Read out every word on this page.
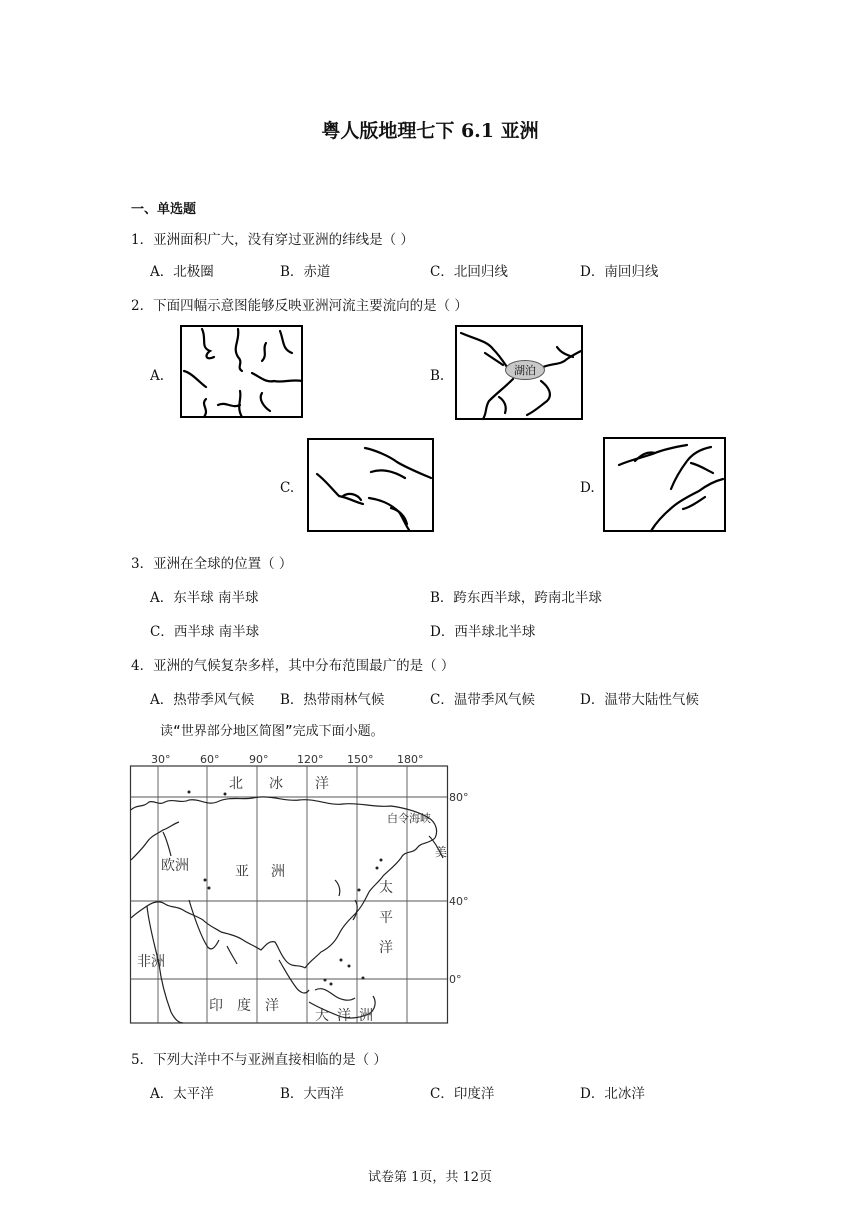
粤人版地理七下 6.1 亚洲
一、单选题
1．亚洲面积广大，没有穿过亚洲的纬线是（ ）
A．北极圈	B．赤道	C．北回归线	D．南回归线
2．下面四幅示意图能够反映亚洲河流主要流向的是（ ）
A.	B.	湖泊
C.	D.
3．亚洲在全球的位置（ ）
A．东半球 南半球	B．跨东西半球，跨南北半球
C．西半球 南半球	D．西半球北半球
4．亚洲的气候复杂多样，其中分布范围最广的是（ ）
A．热带季风气候 B．热带雨林气候	C．温带季风气候	D．温带大陆性气候
读“世界部分地区简图”完成下面小题。
30°	60°	90°	120° 150° 180°
80°
40°
0°
北 冰 洋
欧洲	亚 洲
太
平
洋
非洲
印 度 洋
大 洋 洲
美
白令海峡
5．下列大洋中不与亚洲直接相临的是（ ）
A．太平洋	B．大西洋	C．印度洋	D．北冰洋
试卷第 1页，共 12页
